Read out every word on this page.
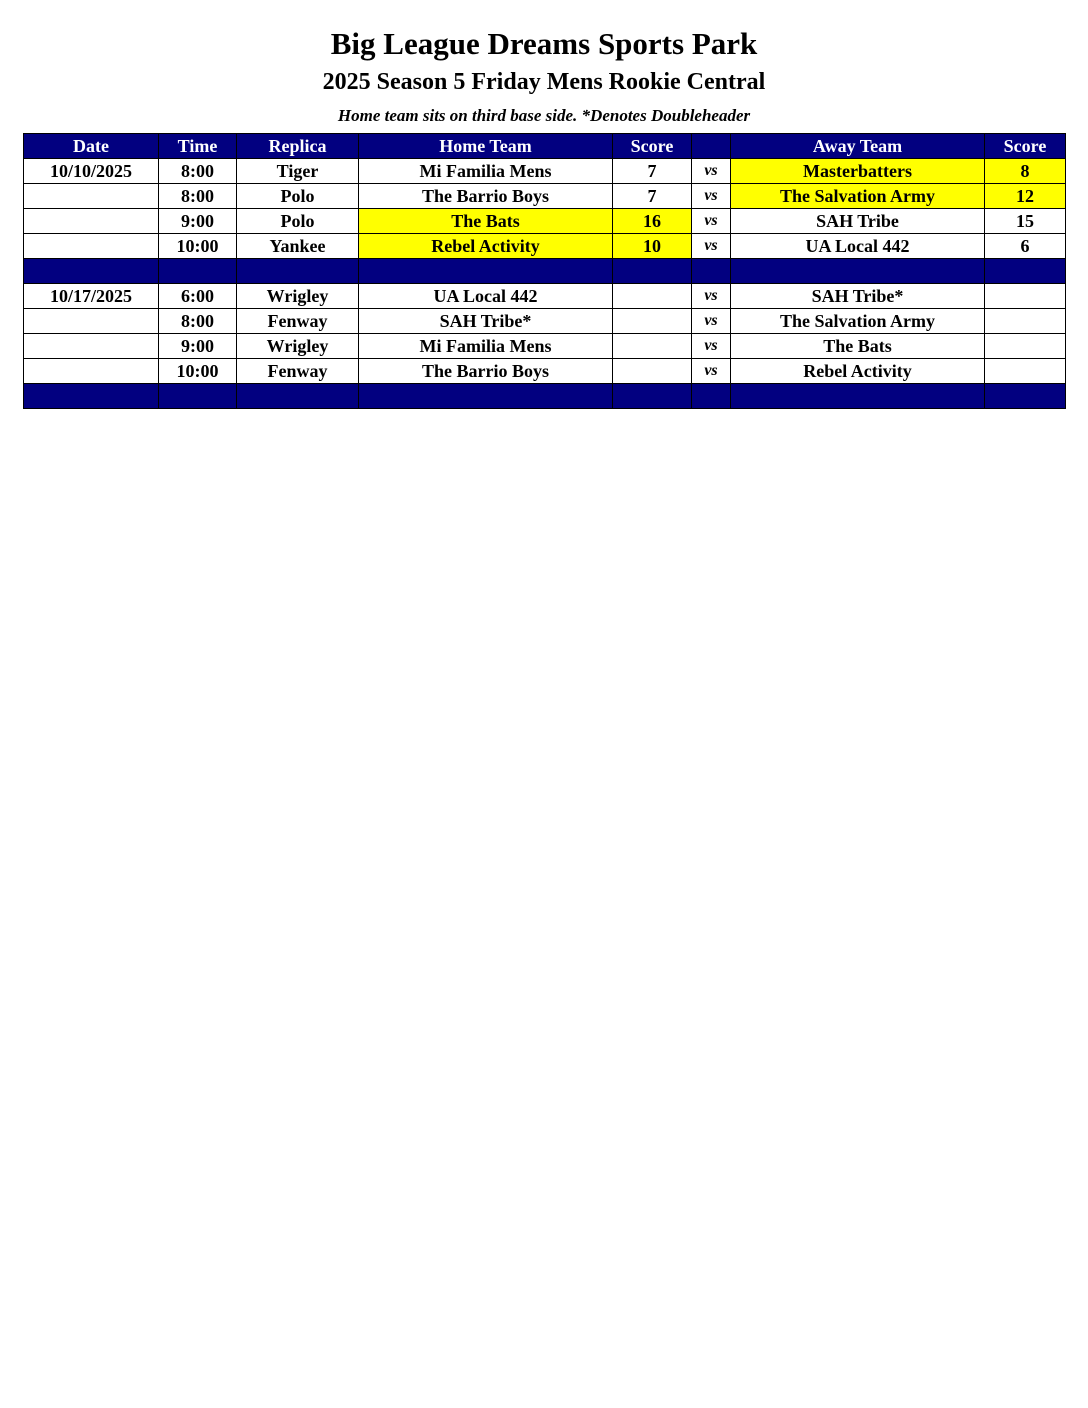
Big League Dreams Sports Park
2025 Season 5 Friday Mens Rookie Central
Home team sits on third base side. *Denotes Doubleheader
Date	Time	Replica	Home Team	Score		Away Team	Score
10/10/2025	8:00	Tiger	Mi Familia Mens	7	vs	Masterbatters	8
	8:00	Polo	The Barrio Boys	7	vs	The Salvation Army	12
	9:00	Polo	The Bats	16	vs	SAH Tribe	15
	10:00	Yankee	Rebel Activity	10	vs	UA Local 442	6

10/17/2025	6:00	Wrigley	UA Local 442		vs	SAH Tribe*	
	8:00	Fenway	SAH Tribe*		vs	The Salvation Army	
	9:00	Wrigley	Mi Familia Mens		vs	The Bats	
	10:00	Fenway	The Barrio Boys		vs	Rebel Activity	
